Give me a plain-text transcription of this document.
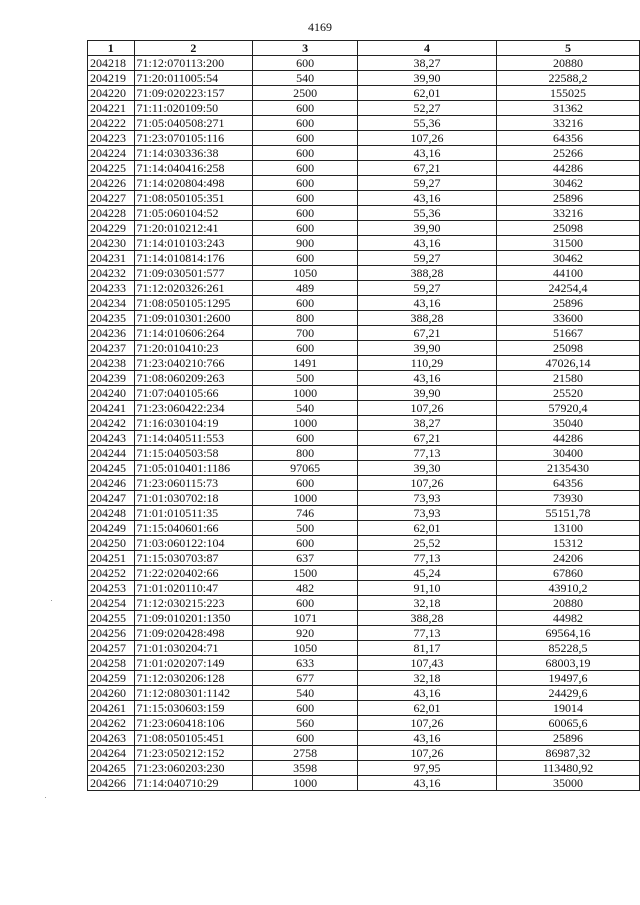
4169
1	2	3	4	5
204218	71:12:070113:200	600	38,27	20880
204219	71:20:011005:54	540	39,90	22588,2
204220	71:09:020223:157	2500	62,01	155025
204221	71:11:020109:50	600	52,27	31362
204222	71:05:040508:271	600	55,36	33216
204223	71:23:070105:116	600	107,26	64356
204224	71:14:030336:38	600	43,16	25266
204225	71:14:040416:258	600	67,21	44286
204226	71:14:020804:498	600	59,27	30462
204227	71:08:050105:351	600	43,16	25896
204228	71:05:060104:52	600	55,36	33216
204229	71:20:010212:41	600	39,90	25098
204230	71:14:010103:243	900	43,16	31500
204231	71:14:010814:176	600	59,27	30462
204232	71:09:030501:577	1050	388,28	44100
204233	71:12:020326:261	489	59,27	24254,4
204234	71:08:050105:1295	600	43,16	25896
204235	71:09:010301:2600	800	388,28	33600
204236	71:14:010606:264	700	67,21	51667
204237	71:20:010410:23	600	39,90	25098
204238	71:23:040210:766	1491	110,29	47026,14
204239	71:08:060209:263	500	43,16	21580
204240	71:07:040105:66	1000	39,90	25520
204241	71:23:060422:234	540	107,26	57920,4
204242	71:16:030104:19	1000	38,27	35040
204243	71:14:040511:553	600	67,21	44286
204244	71:15:040503:58	800	77,13	30400
204245	71:05:010401:1186	97065	39,30	2135430
204246	71:23:060115:73	600	107,26	64356
204247	71:01:030702:18	1000	73,93	73930
204248	71:01:010511:35	746	73,93	55151,78
204249	71:15:040601:66	500	62,01	13100
204250	71:03:060122:104	600	25,52	15312
204251	71:15:030703:87	637	77,13	24206
204252	71:22:020402:66	1500	45,24	67860
204253	71:01:020110:47	482	91,10	43910,2
204254	71:12:030215:223	600	32,18	20880
204255	71:09:010201:1350	1071	388,28	44982
204256	71:09:020428:498	920	77,13	69564,16
204257	71:01:030204:71	1050	81,17	85228,5
204258	71:01:020207:149	633	107,43	68003,19
204259	71:12:030206:128	677	32,18	19497,6
204260	71:12:080301:1142	540	43,16	24429,6
204261	71:15:030603:159	600	62,01	19014
204262	71:23:060418:106	560	107,26	60065,6
204263	71:08:050105:451	600	43,16	25896
204264	71:23:050212:152	2758	107,26	86987,32
204265	71:23:060203:230	3598	97,95	113480,92
204266	71:14:040710:29	1000	43,16	35000
